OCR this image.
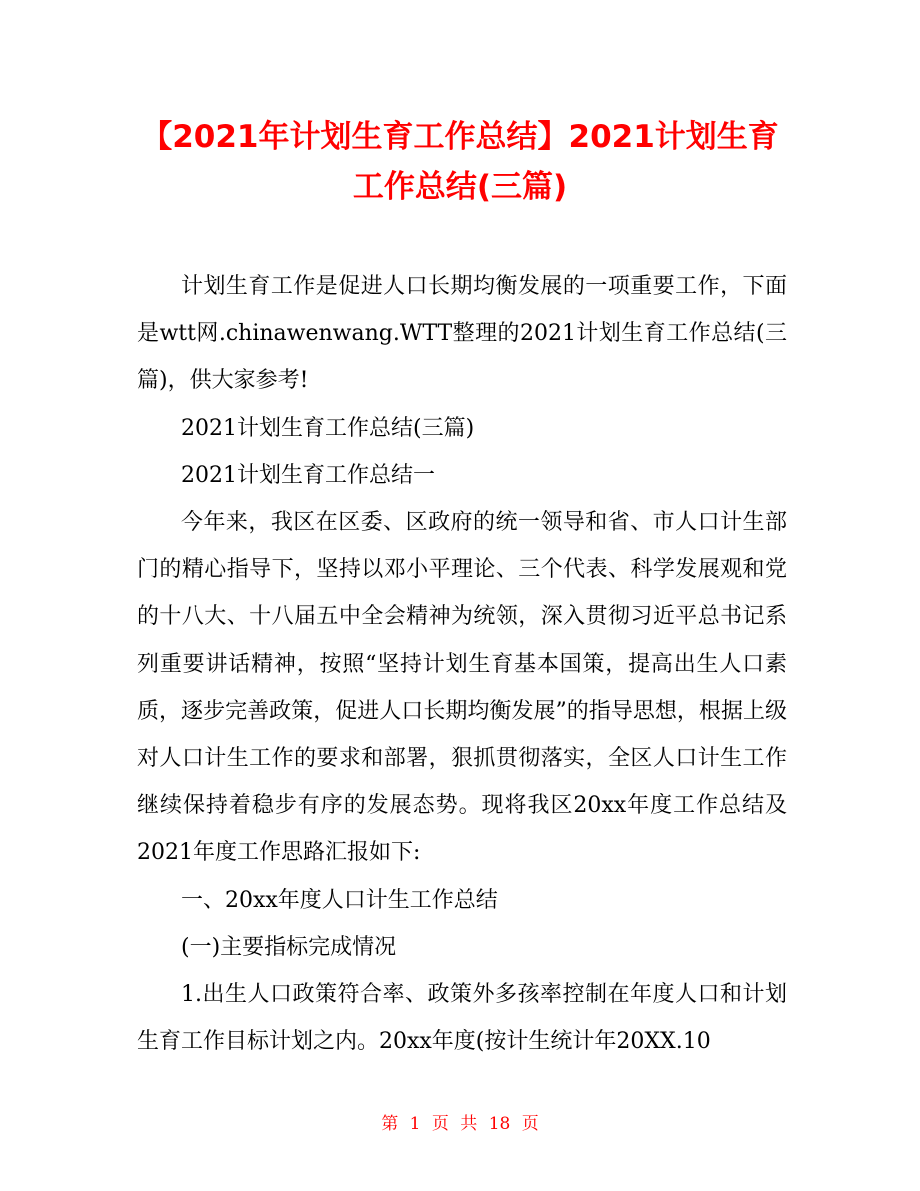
【2021年计划生育工作总结】2021计划生育
工作总结(三篇)

计划生育工作是促进人口长期均衡发展的一项重要工作，下面是wtt网.chinawenwang.WTT整理的2021计划生育工作总结(三篇)，供大家参考!

2021计划生育工作总结(三篇)

2021计划生育工作总结一

今年来，我区在区委、区政府的统一领导和省、市人口计生部门的精心指导下，坚持以邓小平理论、三个代表、科学发展观和党的十八大、十八届五中全会精神为统领，深入贯彻习近平总书记系列重要讲话精神，按照“坚持计划生育基本国策，提高出生人口素质，逐步完善政策，促进人口长期均衡发展”的指导思想，根据上级对人口计生工作的要求和部署，狠抓贯彻落实，全区人口计生工作继续保持着稳步有序的发展态势。现将我区20xx年度工作总结及2021年度工作思路汇报如下:

一、20xx年度人口计生工作总结

(一)主要指标完成情况

1.出生人口政策符合率、政策外多孩率控制在年度人口和计划生育工作目标计划之内。20xx年度(按计生统计年20XX.10

第 1 页 共 18 页
